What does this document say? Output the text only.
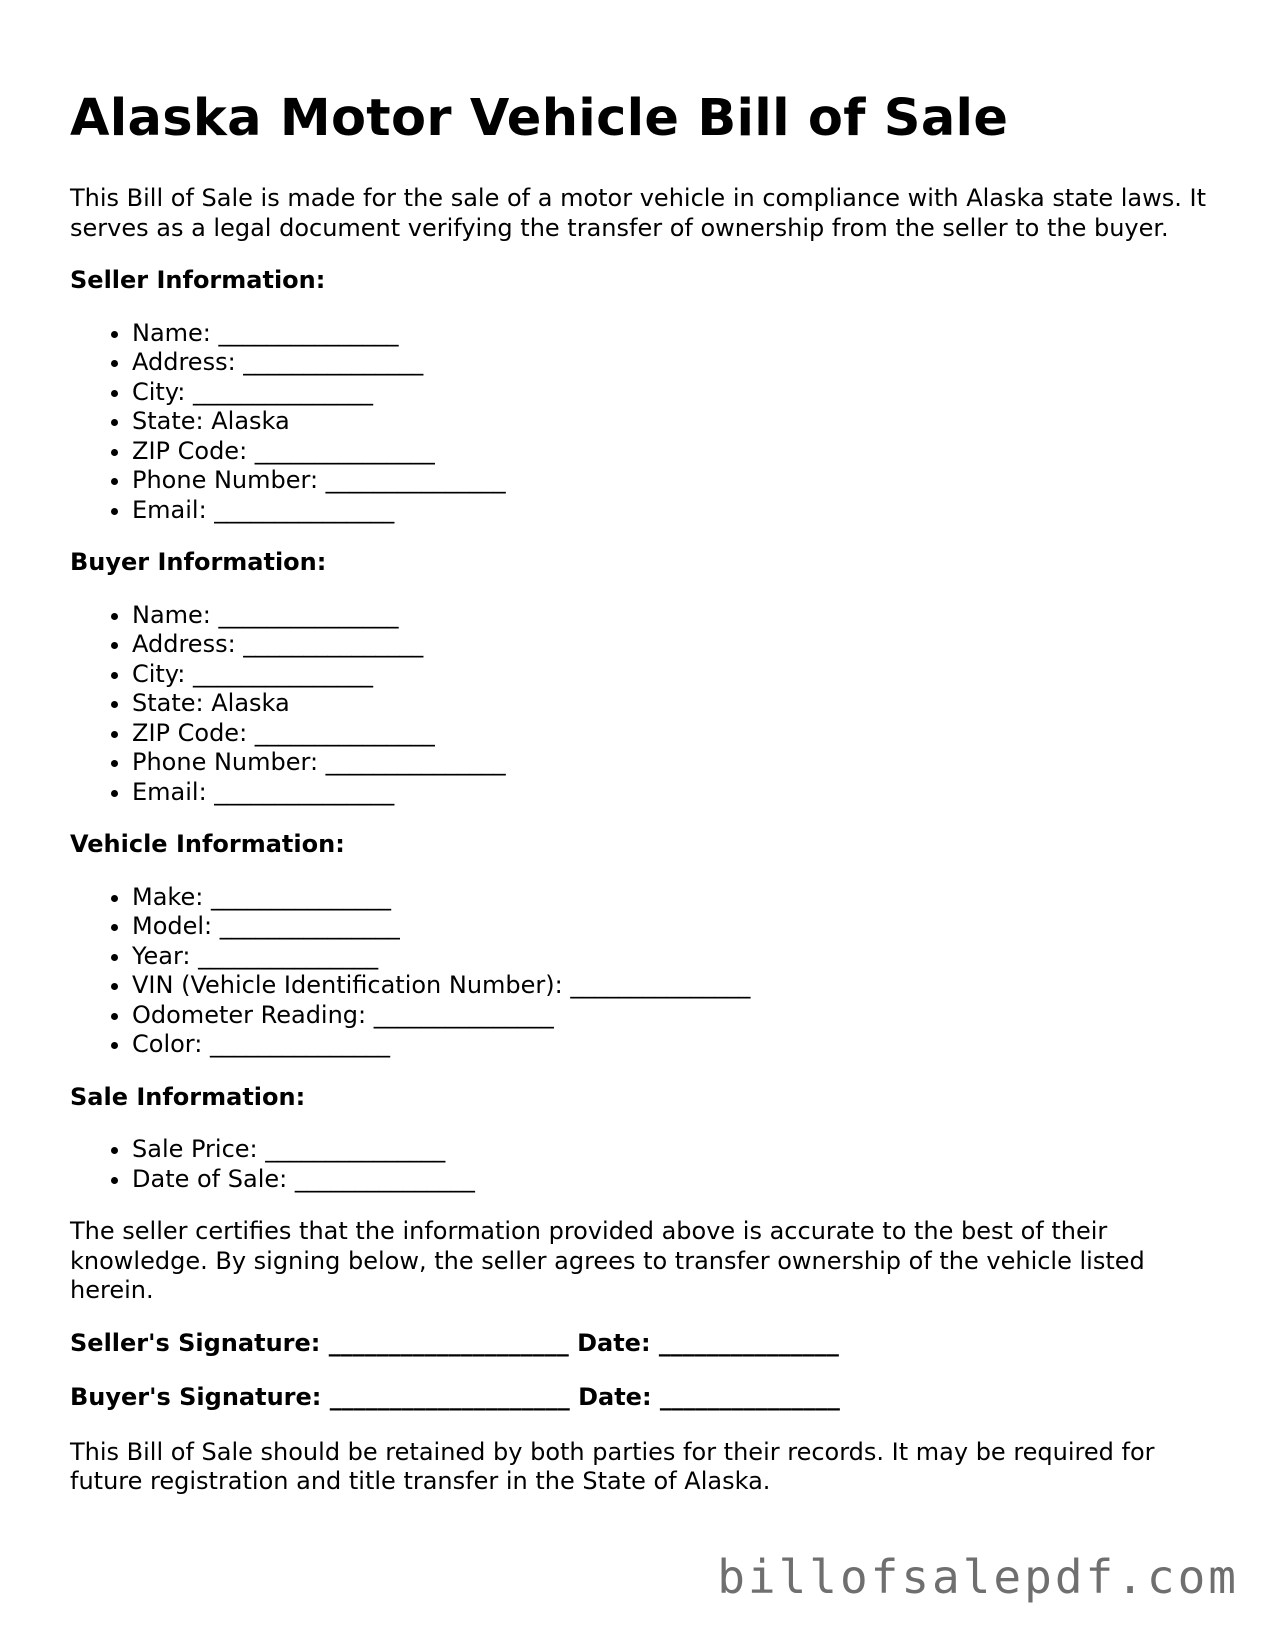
Alaska Motor Vehicle Bill of Sale

This Bill of Sale is made for the sale of a motor vehicle in compliance with Alaska state laws. It serves as a legal document verifying the transfer of ownership from the seller to the buyer.

Seller Information:
• Name: _______________
• Address: _______________
• City: _______________
• State: Alaska
• ZIP Code: _______________
• Phone Number: _______________
• Email: _______________
Buyer Information:
• Name: _______________
• Address: _______________
• City: _______________
• State: Alaska
• ZIP Code: _______________
• Phone Number: _______________
• Email: _______________
Vehicle Information:
• Make: _______________
• Model: _______________
• Year: _______________
• VIN (Vehicle Identification Number): _______________
• Odometer Reading: _______________
• Color: _______________
Sale Information:
• Sale Price: _______________
• Date of Sale: _______________

The seller certifies that the information provided above is accurate to the best of their knowledge. By signing below, the seller agrees to transfer ownership of the vehicle listed herein.

Seller's Signature: ____________________ Date: _______________
Buyer's Signature: ____________________ Date: _______________

This Bill of Sale should be retained by both parties for their records. It may be required for future registration and title transfer in the State of Alaska.

billofsalepdf.com
